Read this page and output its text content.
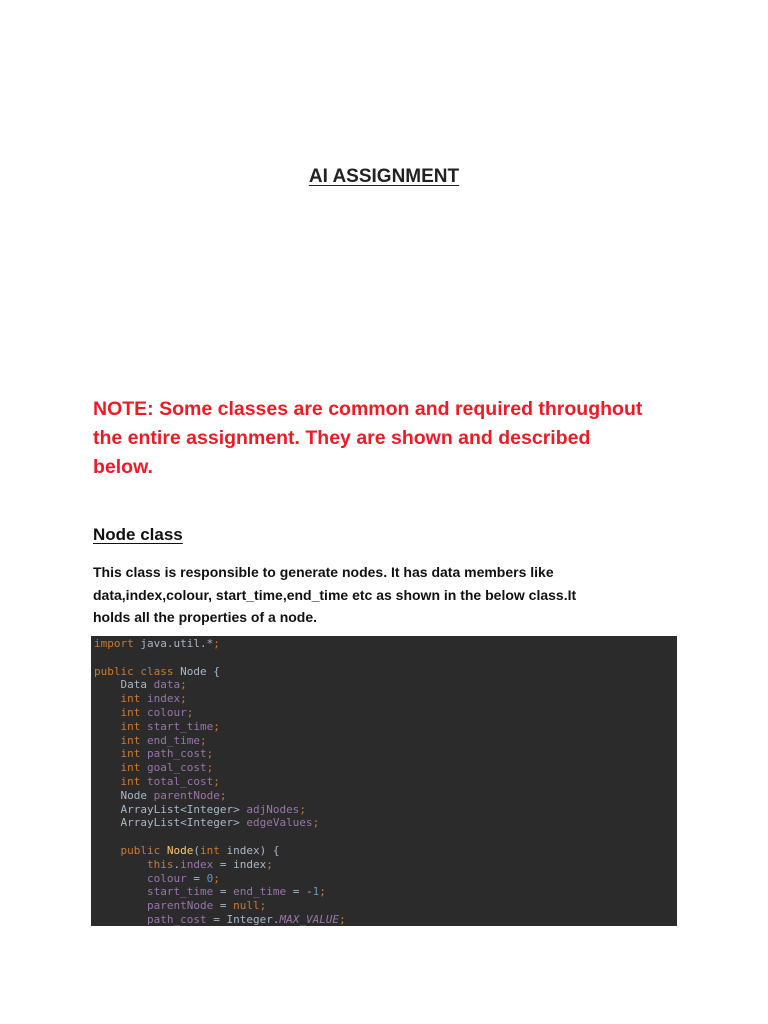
AI ASSIGNMENT
NOTE: Some classes are common and required throughout
the entire assignment. They are shown and described
below.
Node class
This class is responsible to generate nodes. It has data members like
data,index,colour, start_time,end_time etc as shown in the below class.It
holds all the properties of a node.
import java.util.*;

public class Node {
Data data;
int index;
int colour;
int start_time;
int end_time;
int path_cost;
int goal_cost;
int total_cost;
Node parentNode;
ArrayList<Integer> adjNodes;
ArrayList<Integer> edgeValues;

public Node(int index) {
this.index = index;
colour = 0;
start_time = end_time = -1;
parentNode = null;
path_cost = Integer.MAX_VALUE;
